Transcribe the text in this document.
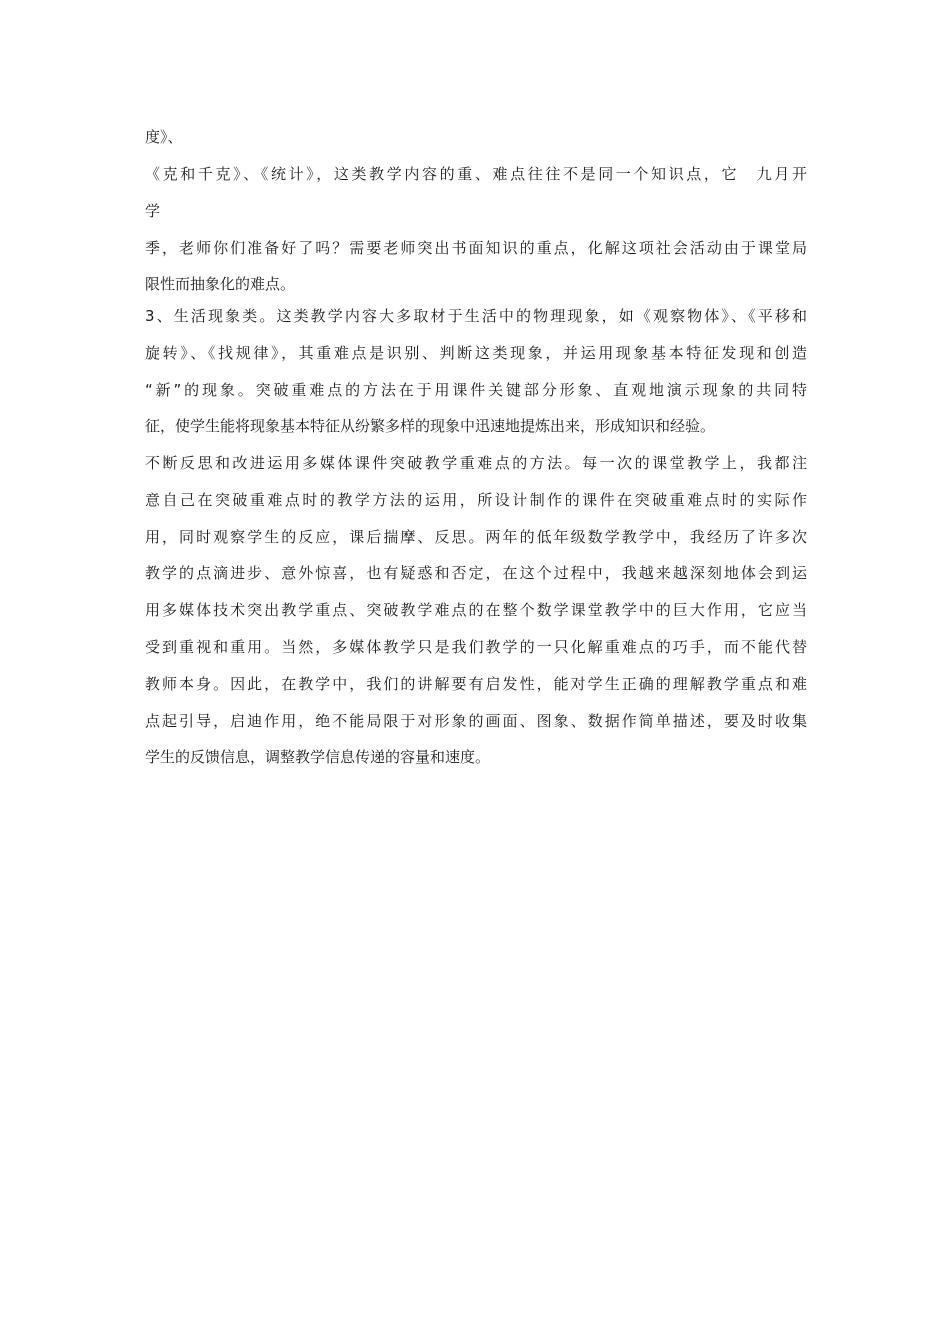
度》、
《克和千克》、《统计》，这类教学内容的重、难点往往不是同一个知识点，它　九月开
学
季，老师你们准备好了吗？需要老师突出书面知识的重点，化解这项社会活动由于课堂局
限性而抽象化的难点。
3、生活现象类。这类教学内容大多取材于生活中的物理现象，如《观察物体》、《平移和
旋转》、《找规律》，其重难点是识别、判断这类现象，并运用现象基本特征发现和创造
“新”的现象。突破重难点的方法在于用课件关键部分形象、直观地演示现象的共同特
征，使学生能将现象基本特征从纷繁多样的现象中迅速地提炼出来，形成知识和经验。
不断反思和改进运用多媒体课件突破教学重难点的方法。每一次的课堂教学上，我都注
意自己在突破重难点时的教学方法的运用，所设计制作的课件在突破重难点时的实际作
用，同时观察学生的反应，课后揣摩、反思。两年的低年级数学教学中，我经历了许多次
教学的点滴进步、意外惊喜，也有疑惑和否定，在这个过程中，我越来越深刻地体会到运
用多媒体技术突出教学重点、突破教学难点的在整个数学课堂教学中的巨大作用，它应当
受到重视和重用。当然，多媒体教学只是我们教学的一只化解重难点的巧手，而不能代替
教师本身。因此，在教学中，我们的讲解要有启发性，能对学生正确的理解教学重点和难
点起引导，启迪作用，绝不能局限于对形象的画面、图象、数据作简单描述，要及时收集
学生的反馈信息，调整教学信息传递的容量和速度。
